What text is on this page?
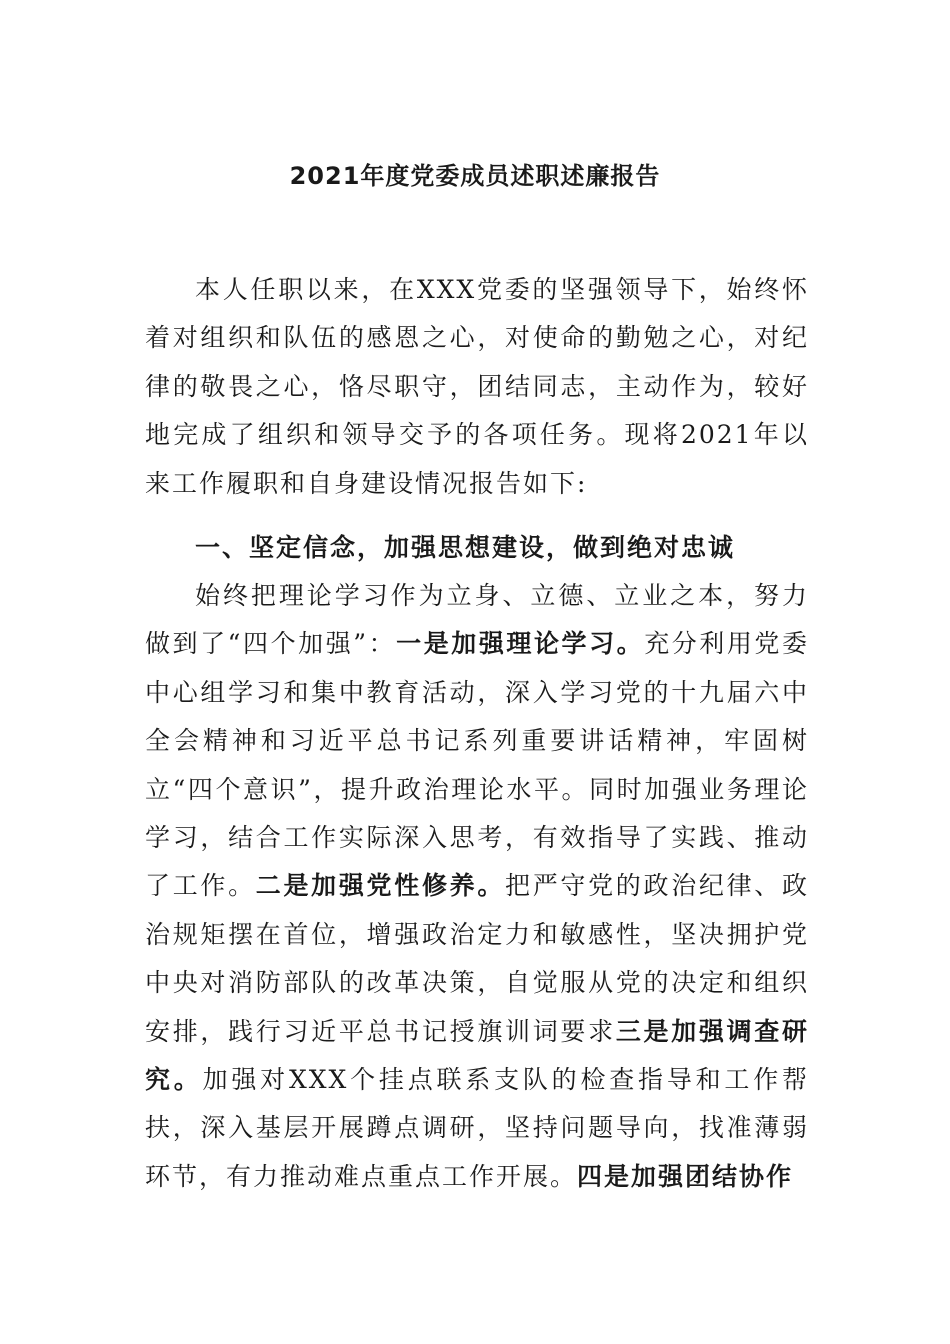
2021年度党委成员述职述廉报告

本人任职以来，在XXX党委的坚强领导下，始终怀着对组织和队伍的感恩之心，对使命的勤勉之心，对纪律的敬畏之心，恪尽职守，团结同志，主动作为，较好地完成了组织和领导交予的各项任务。现将2021年以来工作履职和自身建设情况报告如下:

一、坚定信念，加强思想建设，做到绝对忠诚

始终把理论学习作为立身、立德、立业之本，努力做到了“四个加强”：一是加强理论学习。充分利用党委中心组学习和集中教育活动，深入学习党的十九届六中全会精神和习近平总书记系列重要讲话精神，牢固树立“四个意识”，提升政治理论水平。同时加强业务理论学习，结合工作实际深入思考，有效指导了实践、推动了工作。二是加强党性修养。把严守党的政治纪律、政治规矩摆在首位，增强政治定力和敏感性，坚决拥护党中央对消防部队的改革决策，自觉服从党的决定和组织安排，践行习近平总书记授旗训词要求三是加强调查研究。加强对XXX个挂点联系支队的检查指导和工作帮扶，深入基层开展蹲点调研，坚持问题导向，找准薄弱环节，有力推动难点重点工作开展。四是加强团结协作
